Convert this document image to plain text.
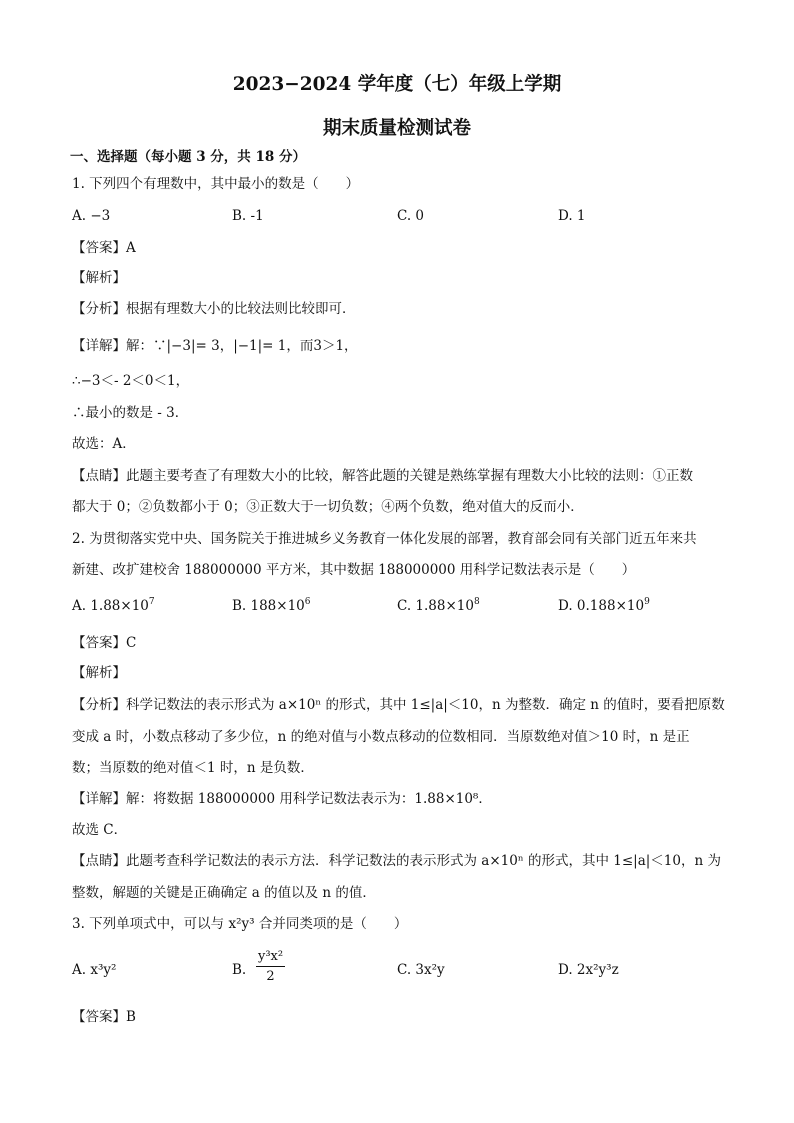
2023−2024 学年度（七）年级上学期
期末质量检测试卷
一、选择题（每小题 3 分，共 18 分）
1. 下列四个有理数中，其中最小的数是（　　）
A. −3	B. -1	C. 0	D. 1
【答案】A
【解析】
【分析】根据有理数大小的比较法则比较即可．
【详解】解：∵|−3|= 3，|−1|= 1，而3＞1，
∴−3＜- 2＜0＜1，
∴最小的数是 - 3．
故选：A．
【点睛】此题主要考查了有理数大小的比较，解答此题的关键是熟练掌握有理数大小比较的法则：①正数
都大于 0；②负数都小于 0；③正数大于一切负数；④两个负数，绝对值大的反而小．
2. 为贯彻落实党中央、国务院关于推进城乡义务教育一体化发展的部署，教育部会同有关部门近五年来共
新建、改扩建校舍 188000000 平方米，其中数据 188000000 用科学记数法表示是（　　）
A. $1.88\times 10^7$	B. $188\times 10^6$	C. $1.88\times 10^8$	D. $0.188\times 10^9$
【答案】C
【解析】
【分析】科学记数法的表示形式为 a×10ⁿ 的形式，其中 1≤|a|＜10，n 为整数．确定 n 的值时，要看把原数
变成 a 时，小数点移动了多少位，n 的绝对值与小数点移动的位数相同．当原数绝对值＞10 时，n 是正
数；当原数的绝对值＜1 时，n 是负数．
【详解】解：将数据 188000000 用科学记数法表示为：1.88×10⁸．
故选 C．
【点睛】此题考查科学记数法的表示方法．科学记数法的表示形式为 a×10ⁿ 的形式，其中 1≤|a|＜10，n 为
整数，解题的关键是正确确定 a 的值以及 n 的值．
3. 下列单项式中，可以与 x²y³ 合并同类项的是（　　）
A. x³y²	B. $\frac{\text{y³x²}}{2}$	C. 3x²y	D. 2x²y³z
【答案】B
